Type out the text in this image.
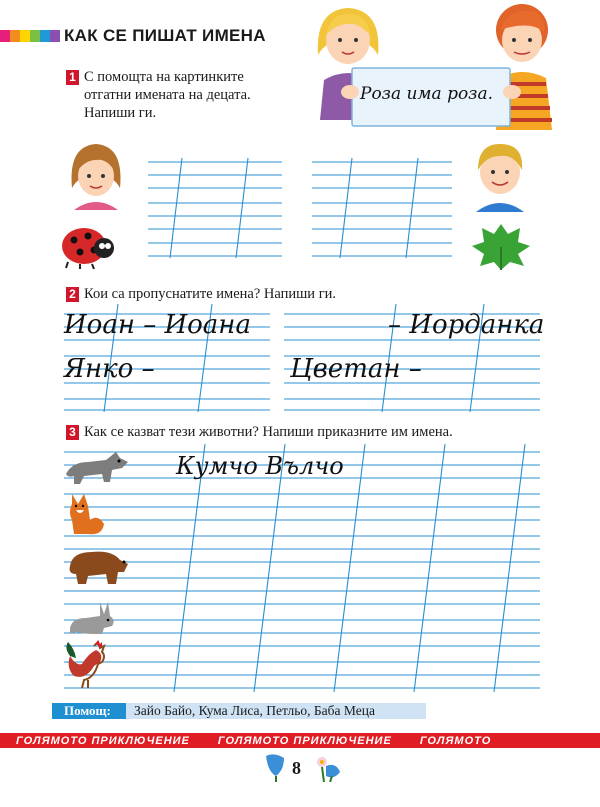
КАК СЕ ПИШАТ ИМЕНА
Роза има роза.
1 С помощта на картинките
отгатни имената на децата.
Напиши ги.
2 Кои са пропуснатите имена? Напиши ги.
Иоан – Иоана	– Иорданка
Янко –	Цветан –
3 Как се казват тези животни? Напиши приказните им имена.
Кумчо Вълчо
Помощ:	Зайо Байо, Кума Лиса, Петльо, Баба Меца
ГОЛЯМОТО ПРИКЛЮЧЕНИЕ	ГОЛЯМОТО ПРИКЛЮЧЕНИЕ	ГОЛЯМОТО
8
